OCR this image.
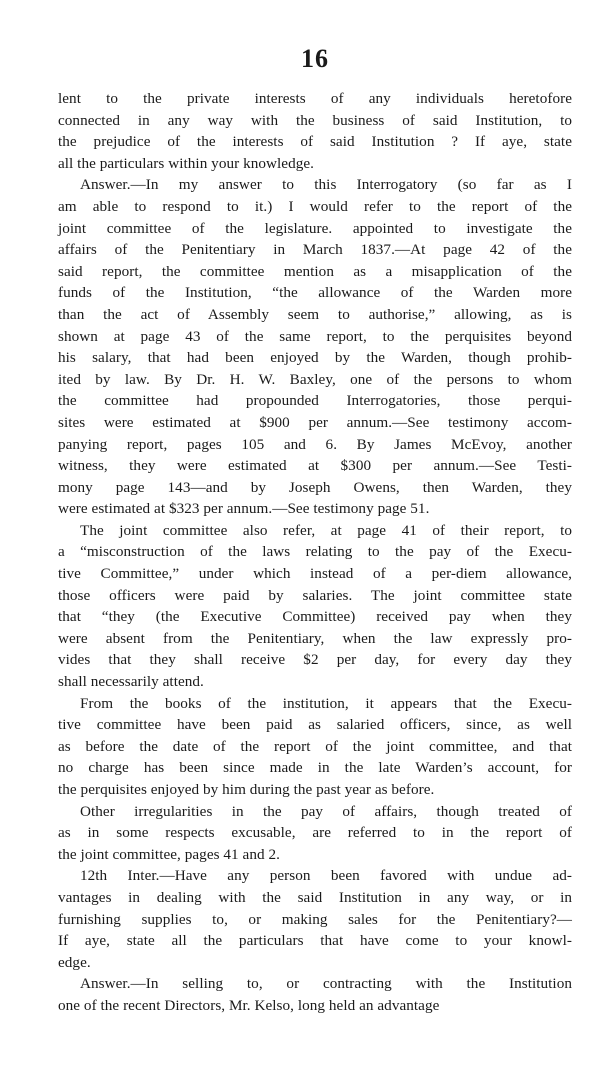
16
lent to the private interests of any individuals heretofore
connected in any way with the business of said Institution, to
the prejudice of the interests of said Institution ? If aye, state
all the particulars within your knowledge.
Answer.—In my answer to this Interrogatory (so far as I
am able to respond to it.) I would refer to the report of the
joint committee of the legislature. appointed to investigate the
affairs of the Penitentiary in March 1837.—At page 42 of the
said report, the committee mention as a misapplication of the
funds of the Institution, “the allowance of the Warden more
than the act of Assembly seem to authorise,” allowing, as is
shown at page 43 of the same report, to the perquisites beyond
his salary, that had been enjoyed by the Warden, though prohib-
ited by law. By Dr. H. W. Baxley, one of the persons to whom
the committee had propounded Interrogatories, those perqui-
sites were estimated at $900 per annum.—See testimony accom-
panying report, pages 105 and 6. By James McEvoy, another
witness, they were estimated at $300 per annum.—See Testi-
mony page 143—and by Joseph Owens, then Warden, they
were estimated at $323 per annum.—See testimony page 51.
The joint committee also refer, at page 41 of their report, to
a “misconstruction of the laws relating to the pay of the Execu-
tive Committee,” under which instead of a per-diem allowance,
those officers were paid by salaries. The joint committee state
that “they (the Executive Committee) received pay when they
were absent from the Penitentiary, when the law expressly pro-
vides that they shall receive $2 per day, for every day they
shall necessarily attend.
From the books of the institution, it appears that the Execu-
tive committee have been paid as salaried officers, since, as well
as before the date of the report of the joint committee, and that
no charge has been since made in the late Warden’s account, for
the perquisites enjoyed by him during the past year as before.
Other irregularities in the pay of affairs, though treated of
as in some respects excusable, are referred to in the report of
the joint committee, pages 41 and 2.
12th Inter.—Have any person been favored with undue ad-
vantages in dealing with the said Institution in any way, or in
furnishing supplies to, or making sales for the Penitentiary?—
If aye, state all the particulars that have come to your knowl-
edge.
Answer.—In selling to, or contracting with the Institution
one of the recent Directors, Mr. Kelso, long held an advantage
